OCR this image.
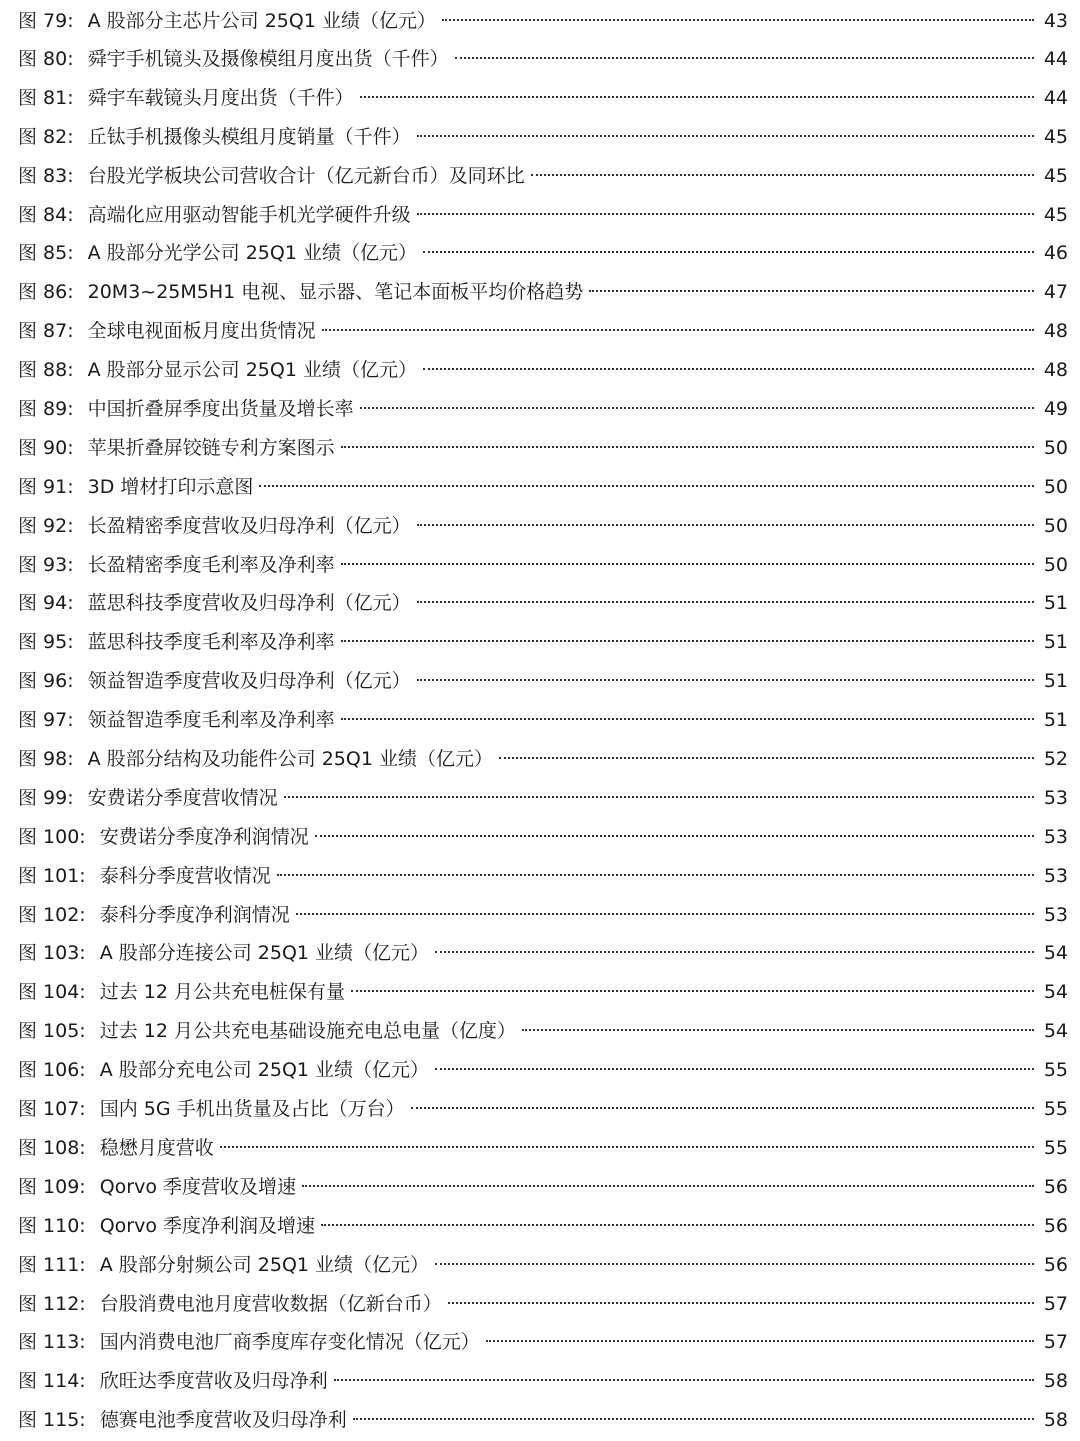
图 79: A 股部分主芯片公司 25Q1 业绩（亿元）	43
图 80: 舜宇手机镜头及摄像模组月度出货（千件）	44
图 81: 舜宇车载镜头月度出货（千件）	44
图 82: 丘钛手机摄像头模组月度销量（千件）	45
图 83: 台股光学板块公司营收合计（亿元新台币）及同环比	45
图 84: 高端化应用驱动智能手机光学硬件升级	45
图 85: A 股部分光学公司 25Q1 业绩（亿元）	46
图 86: 20M3~25M5H1 电视、显示器、笔记本面板平均价格趋势	47
图 87: 全球电视面板月度出货情况	48
图 88: A 股部分显示公司 25Q1 业绩（亿元）	48
图 89: 中国折叠屏季度出货量及增长率	49
图 90: 苹果折叠屏铰链专利方案图示	50
图 91: 3D 增材打印示意图	50
图 92: 长盈精密季度营收及归母净利（亿元）	50
图 93: 长盈精密季度毛利率及净利率	50
图 94: 蓝思科技季度营收及归母净利（亿元）	51
图 95: 蓝思科技季度毛利率及净利率	51
图 96: 领益智造季度营收及归母净利（亿元）	51
图 97: 领益智造季度毛利率及净利率	51
图 98: A 股部分结构及功能件公司 25Q1 业绩（亿元）	52
图 99: 安费诺分季度营收情况	53
图 100: 安费诺分季度净利润情况	53
图 101: 泰科分季度营收情况	53
图 102: 泰科分季度净利润情况	53
图 103: A 股部分连接公司 25Q1 业绩（亿元）	54
图 104: 过去 12 月公共充电桩保有量	54
图 105: 过去 12 月公共充电基础设施充电总电量（亿度）	54
图 106: A 股部分充电公司 25Q1 业绩（亿元）	55
图 107: 国内 5G 手机出货量及占比（万台）	55
图 108: 稳懋月度营收	55
图 109: Qorvo 季度营收及增速	56
图 110: Qorvo 季度净利润及增速	56
图 111: A 股部分射频公司 25Q1 业绩（亿元）	56
图 112: 台股消费电池月度营收数据（亿新台币）	57
图 113: 国内消费电池厂商季度库存变化情况（亿元）	57
图 114: 欣旺达季度营收及归母净利	58
图 115: 德赛电池季度营收及归母净利	58
